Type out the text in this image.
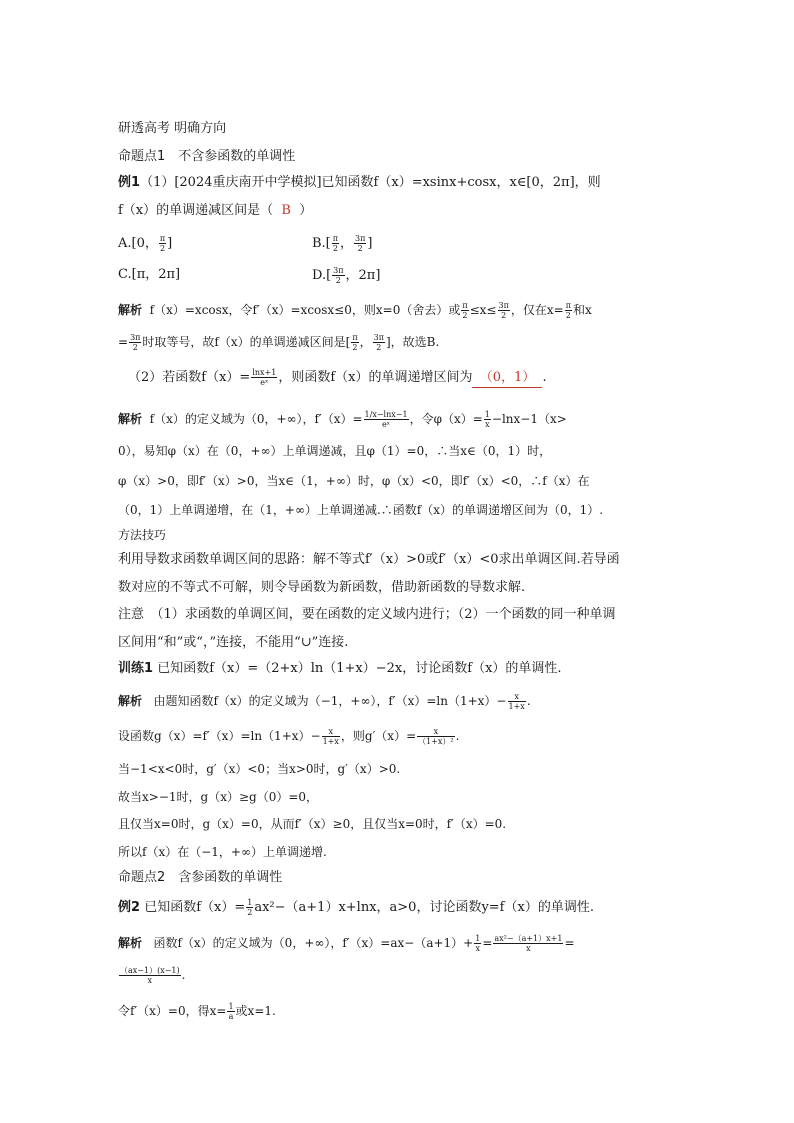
研透高考 明确方向
命题点1　不含参函数的单调性
例1（1）[2024重庆南开中学模拟]已知函数f（x）=xsinx+cosx，x∈[0，2π]，则
f（x）的单调递减区间是（ B ）
A.[0， $\frac{\pi}{2}$ ]	$B.[ \frac{\pi}{2}$ ， $\frac{3\pi}{2}$ ]
C.[π，2π]	$D.[ \frac{3\pi}{2}$ ，2π]
解析 f（x）=xcosx，令f′（x）=xcosx≤0，则x=0（舍去）或 $\frac{\pi}{2} \le x\le \frac{3\pi}{2}$ ，仅在$x= \frac{\pi}{2}$ 和x
= $\frac{3\pi}{2}$ 时取等号，故f（x）的单调递减区间是[ $\frac{\pi}{2}$ ， $\frac{3\pi}{2}$ ]，故选B.
（2）若函数$f(x)= \frac{\ln x+1}{\text{eˣ}}$ ，则函数f（x）的单调递增区间为 （0，1） .
解析 f（x）的定义域为（0，+∞），$f'(x)= \frac{1/x-\ln x-1}{\text{eˣ}}$ ，令$\varphi(x)= \frac{1}{x} -\ln x-1(x>$
0），易知φ（x）在（0，+∞）上单调递减，且φ（1）=0，∴当x∈（0，1）时，
φ（x）>0，即f′（x）>0，当x∈（1，+∞）时，φ（x）<0，即f′（x）<0，∴f（x）在
（0，1）上单调递增，在（1，+∞）上单调递减.∴函数f（x）的单调递增区间为（0，1）.
方法技巧
利用导数求函数单调区间的思路：解不等式f′（x）>0或f′（x）<0求出单调区间.若导函
数对应的不等式不可解，则令导函数为新函数，借助新函数的导数求解.
注意　（1）求函数的单调区间，要在函数的定义域内进行；（2）一个函数的同一种单调
区间用“和”或“，”连接，不能用“∪”连接.
训练1 已知函数f（x）=（2+x）ln（1+x）−2x，讨论函数f（x）的单调性.
解析 由题知函数f（x）的定义域为（−1，+∞），$f'(x)=\ln(1+x)- \frac{x}{1+x}$ .
设函数$g(x)=f'(x)=\ln(1+x)- \frac{x}{1+x}$ ，则$g'(x)= \frac{x}{\text{（1+x）²}}$ .
当−1<x<0时，g′（x）<0；当x>0时，g′（x）>0.
故当x>−1时，g（x）≥g（0）=0，
且仅当x=0时，g（x）=0，从而f′（x）≥0，且仅当x=0时，f′（x）=0.
所以f（x）在（−1，+∞）上单调递增.
命题点2　含参函数的单调性
例2 已知函数$f(x)= \frac{1}{2} ax^2-(a+1)x+\ln x$，a>0，讨论函数y=f（x）的单调性.
解析 函数f（x）的定义域为（0，+∞），$f'(x)=ax-(a+1)+ \frac{1}{x} = \frac{\text{ax²−（a+1）x+1}}{x}$ =
$\frac{(ax-1)(x-1)}{x}$ .
令f′（x）=0，得$x= \frac{1}{a}$ 或x=1.
